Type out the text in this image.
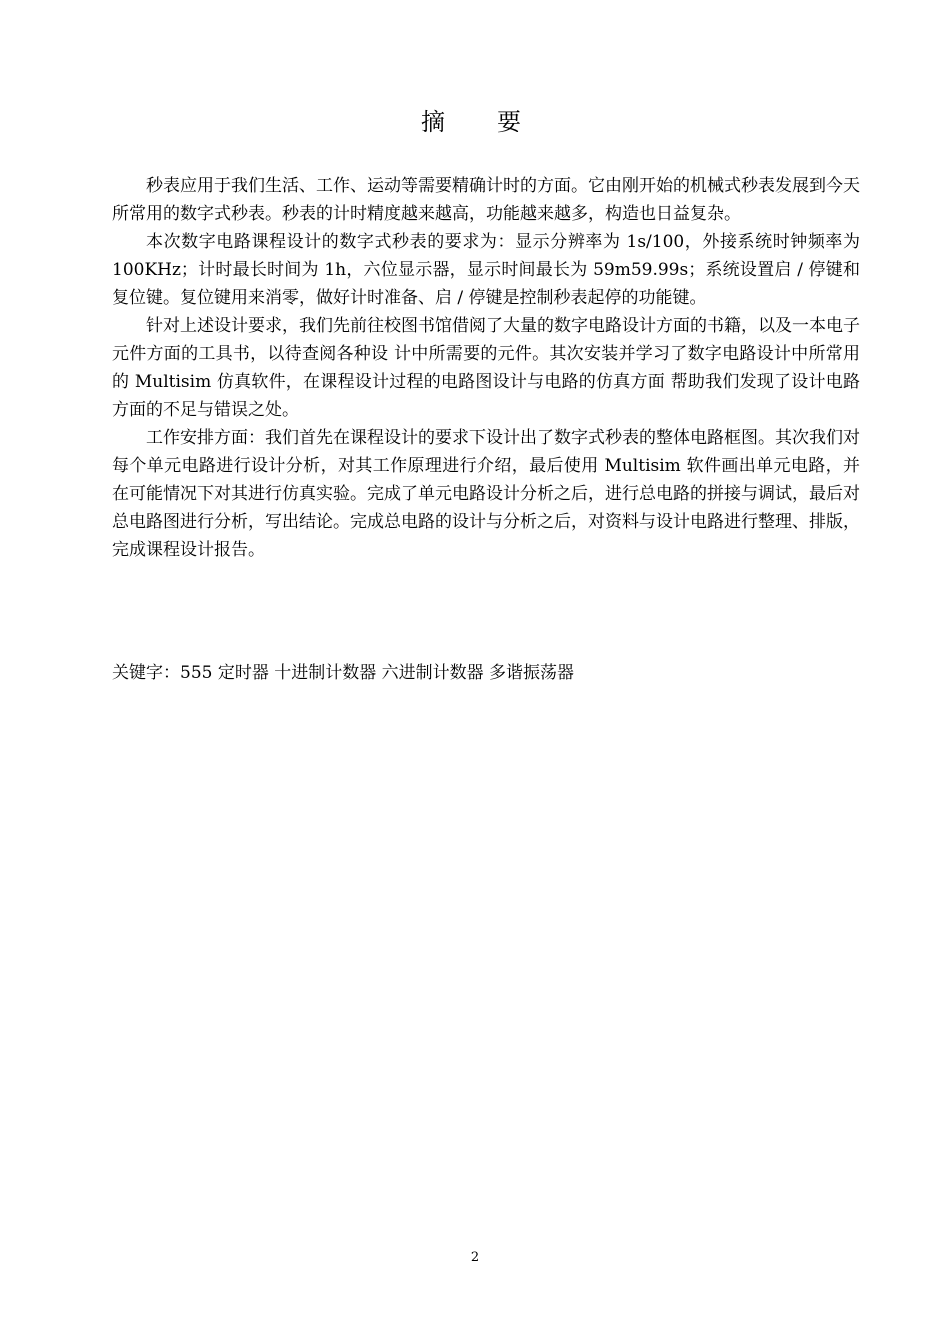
摘 要

秒表应用于我们生活、工作、运动等需要精确计时的方面。它由刚开始的机械式秒表发展到今天所常用的数字式秒表。秒表的计时精度越来越高，功能越来越多，构造也日益复杂。

本次数字电路课程设计的数字式秒表的要求为：显示分辨率为 1s/100，外接系统时钟频率为 100KHz；计时最长时间为 1h，六位显示器，显示时间最长为 59m59.99s；系统设置启 / 停键和复位键。复位键用来消零，做好计时准备、启 / 停键是控制秒表起停的功能键。

针对上述设计要求，我们先前往校图书馆借阅了大量的数字电路设计方面的书籍，以及一本电子元件方面的工具书，以待查阅各种设 计中所需要的元件。其次安装并学习了数字电路设计中所常用的 Multisim 仿真软件，在课程设计过程的电路图设计与电路的仿真方面 帮助我们发现了设计电路方面的不足与错误之处。

工作安排方面：我们首先在课程设计的要求下设计出了数字式秒表的整体电路框图。其次我们对每个单元电路进行设计分析，对其工作原理进行介绍，最后使用 Multisim 软件画出单元电路，并在可能情况下对其进行仿真实验。完成了单元电路设计分析之后，进行总电路的拼接与调试，最后对总电路图进行分析，写出结论。完成总电路的设计与分析之后，对资料与设计电路进行整理、排版，完成课程设计报告。

关键字：555 定时器 十进制计数器 六进制计数器 多谐振荡器
2
